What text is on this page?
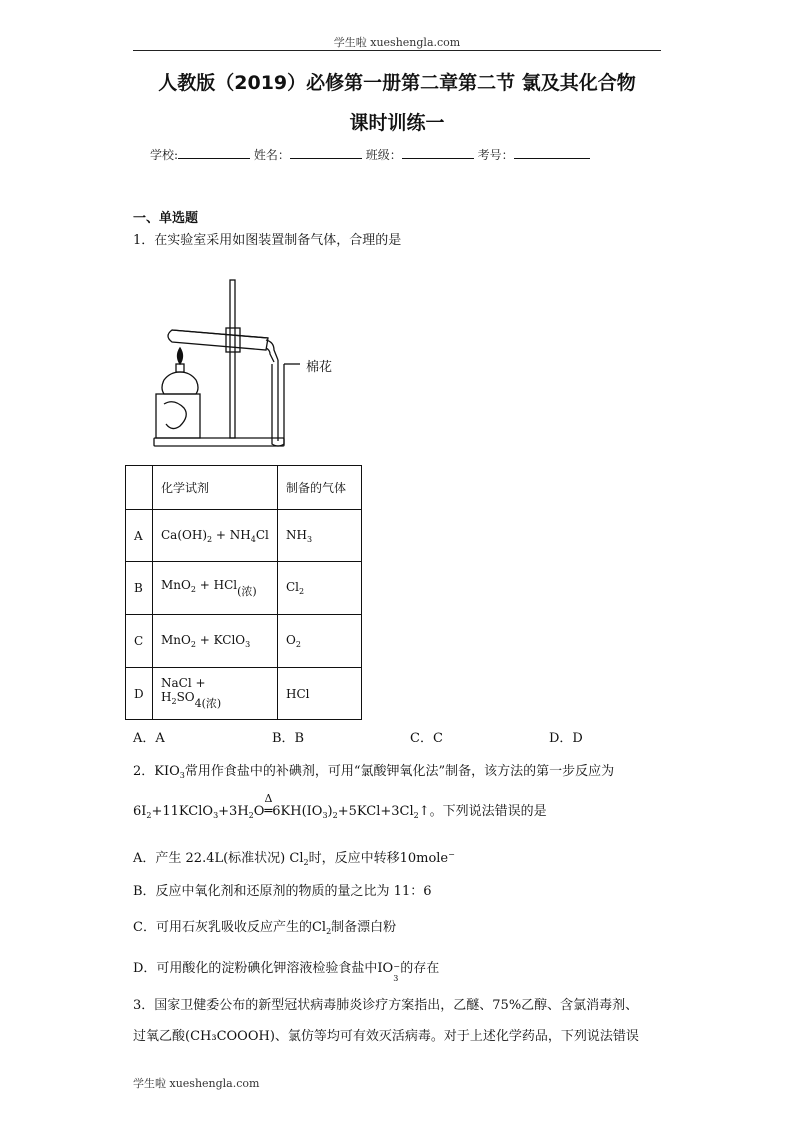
学生啦 xueshengla.com
人教版（2019）必修第一册第二章第二节 氯及其化合物
课时训练一
学校:	姓名：	班级：	考号：
一、单选题
1．在实验室采用如图装置制备气体，合理的是
棉花
	化学试剂	制备的气体
A	$Ca(OH)_2 + NH_4Cl$	$NH_3$
B	MnO$_2$ + HCl$_{(浓)}$	$Cl_2$
C	MnO$_2$ + KClO$_3$	$O_2$
D	NaCl + $H_2SO_{4(浓)}$	HCl
A．A	B．B	C．C	D．D
2．$KIO_3$常用作食盐中的补碘剂，可用“氯酸钾氧化法”制备，该方法的第一步反应为
$6I_2+11KClO_3+3H_2O$
Δ
$═6KH(IO_3)_2+5KCl+3Cl_2↑$。下列说法错误的是
A．产生 22.4L(标准状况) $Cl_2$时，反应中转移10mole−
B．反应中氧化剂和还原剂的物质的量之比为 11：6
C．可用石灰乳吸收反应产生的$Cl_2$制备漂白粉
D．可用酸化的淀粉碘化钾溶液检验食盐中IO −
3
的存在
3．国家卫健委公布的新型冠状病毒肺炎诊疗方案指出，乙醚、75%乙醇、含氯消毒剂、
过氧乙酸(CH₃COOOH)、氯仿等均可有效灭活病毒。对于上述化学药品，下列说法错误
学生啦 xueshengla.com
